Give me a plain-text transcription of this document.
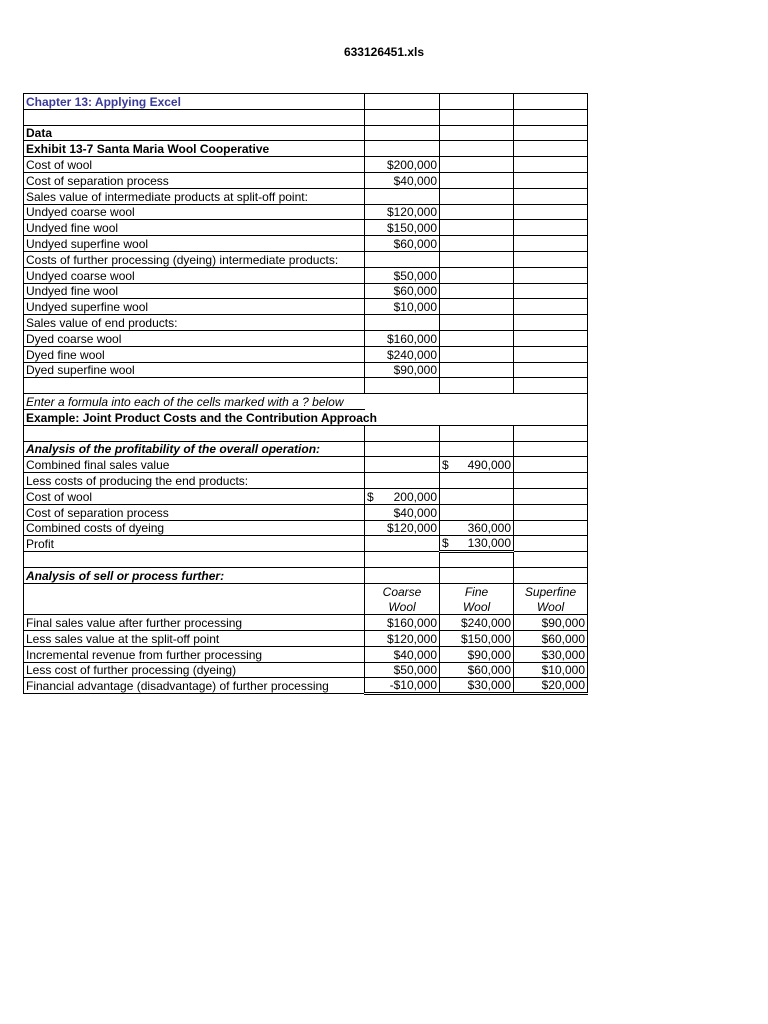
633126451.xls
Chapter 13: Applying Excel			

Data			
Exhibit 13-7 Santa Maria Wool Cooperative			
Cost of wool	$200,000		
Cost of separation process	$40,000		
Sales value of intermediate products at split-off point:			
Undyed coarse wool	$120,000		
Undyed fine wool	$150,000		
Undyed superfine wool	$60,000		
Costs of further processing (dyeing) intermediate products:			
Undyed coarse wool	$50,000		
Undyed fine wool	$60,000		
Undyed superfine wool	$10,000		
Sales value of end products:			
Dyed coarse wool	$160,000		
Dyed fine wool	$240,000		
Dyed superfine wool	$90,000		

Enter a formula into each of the cells marked with a ? below			
Example: Joint Product Costs and the Contribution Approach			

Analysis of the profitability of the overall operation:			
Combined final sales value		$ 490,000	
Less costs of producing the end products:			
Cost of wool	$ 200,000		
Cost of separation process	$40,000		
Combined costs of dyeing	$120,000	360,000	
Profit		$ 130,000	

Analysis of sell or process further:			
	Coarse	Fine	Superfine
	Wool	Wool	Wool
Final sales value after further processing	$160,000	$240,000	$90,000
Less sales value at the split-off point	$120,000	$150,000	$60,000
Incremental revenue from further processing	$40,000	$90,000	$30,000
Less cost of further processing (dyeing)	$50,000	$60,000	$10,000
Financial advantage (disadvantage) of further processing	-$10,000	$30,000	$20,000
